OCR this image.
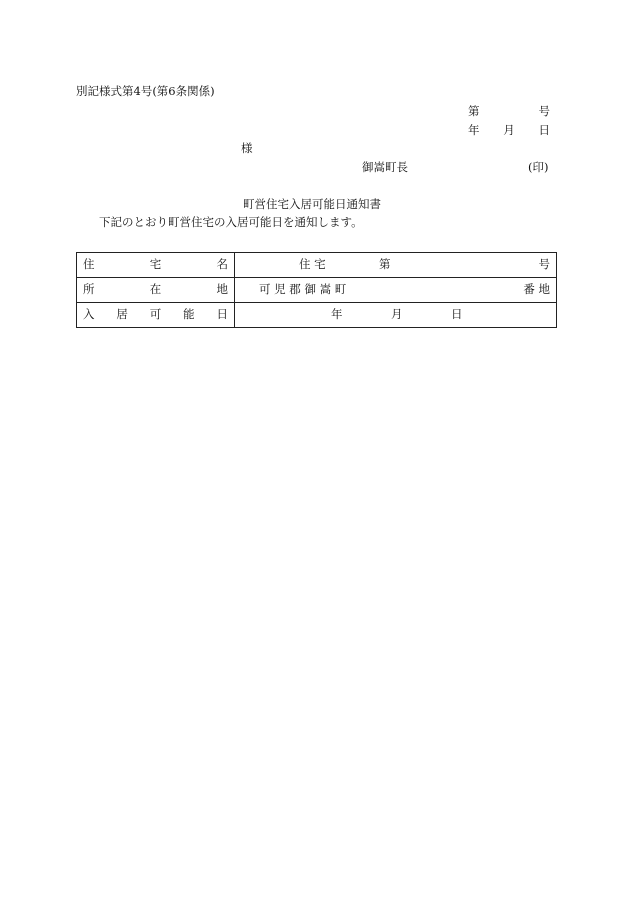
別記様式第4号(第6条関係)
第	号
年 月 日
様
御嵩町長	(印)
町営住宅入居可能日通知書
下記のとおり町営住宅の入居可能日を通知します。
住 宅 名	住 宅 第 号

所 在 地	可 児 郡 御 嵩 町 番 地

入 居 可 能 日	年 月 日
